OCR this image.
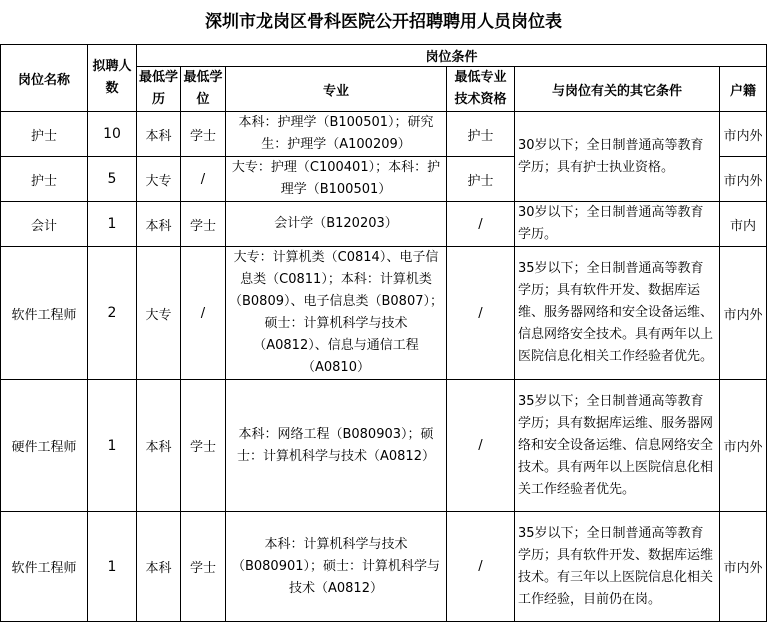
深圳市龙岗区骨科医院公开招聘聘用人员岗位表
岗位名称	拟聘人数	岗位条件					
		最低学历	最低学位	专业	最低专业技术资格	与岗位有关的其它条件	户籍
护士	10	本科	学士	本科：护理学（B100501）；研究生：护理学（A100209）	护士	30岁以下；全日制普通高等教育学历；具有护士执业资格。	市内外
护士	5	大专	/	大专：护理（C100401）；本科：护理学（B100501）	护士		市内外
会计	1	本科	学士	会计学（B120203）	/	30岁以下；全日制普通高等教育学历。	市内
软件工程师	2	大专	/	大专：计算机类（C0814）、电子信息类（C0811）；本科：计算机类（B0809）、电子信息类（B0807）；硕士：计算机科学与技术（A0812）、信息与通信工程（A0810）	/	35岁以下；全日制普通高等教育学历；具有软件开发、数据库运维、服务器网络和安全设备运维、信息网络安全技术。具有两年以上医院信息化相关工作经验者优先。	市内外
硬件工程师	1	本科	学士	本科：网络工程（B080903）；硕士：计算机科学与技术（A0812）	/	35岁以下；全日制普通高等教育学历；具有数据库运维、服务器网络和安全设备运维、信息网络安全技术。具有两年以上医院信息化相关工作经验者优先。	市内外
软件工程师	1	本科	学士	本科：计算机科学与技术（B080901）；硕士：计算机科学与技术（A0812）	/	35岁以下；全日制普通高等教育学历；具有软件开发、数据库运维技术。有三年以上医院信息化相关工作经验，目前仍在岗。	市内外
